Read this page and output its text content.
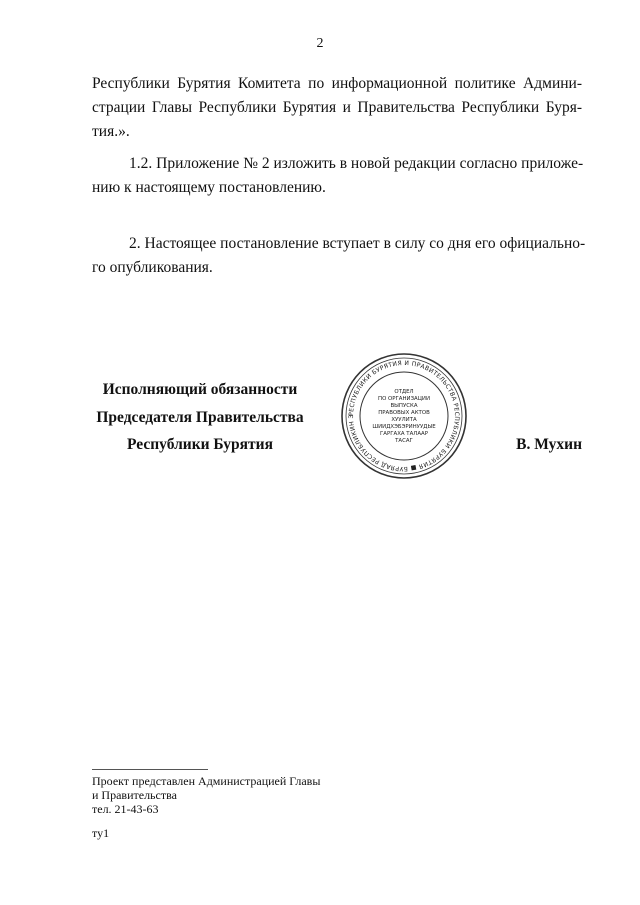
2
Республики Бурятия Комитета по информационной политике Админи-
страции Главы Республики Бурятия и Правительства Республики Буря-
тия.».
1.2. Приложение № 2 изложить в новой редакции согласно приложе-
нию к настоящему постановлению.
2. Настоящее постановление вступает в силу со дня его официально-
го опубликования.
Исполняющий обязанности
Председателя Правительства
Республики Бурятия	В. Мухин
РЕСПУБЛИКИ БУРЯТИЯ И ПРАВИТЕЛЬСТВА РЕСПУБЛИКИ БУРЯТИЯ ■ БУРЯАД РЕСПУБЛИКИН З
ОТДЕЛ
ПО ОРГАНИЗАЦИИ
ВЫПУСКА
ПРАВОВЫХ АКТОВ
ХУУЛИТА
ШИИДХЭБЭРИНУУДЫЕ
ГАРГАХА ТАЛААР
ТАСАГ
Проект представлен Администрацией Главы
и Правительства
тел. 21-43-63
ту1
